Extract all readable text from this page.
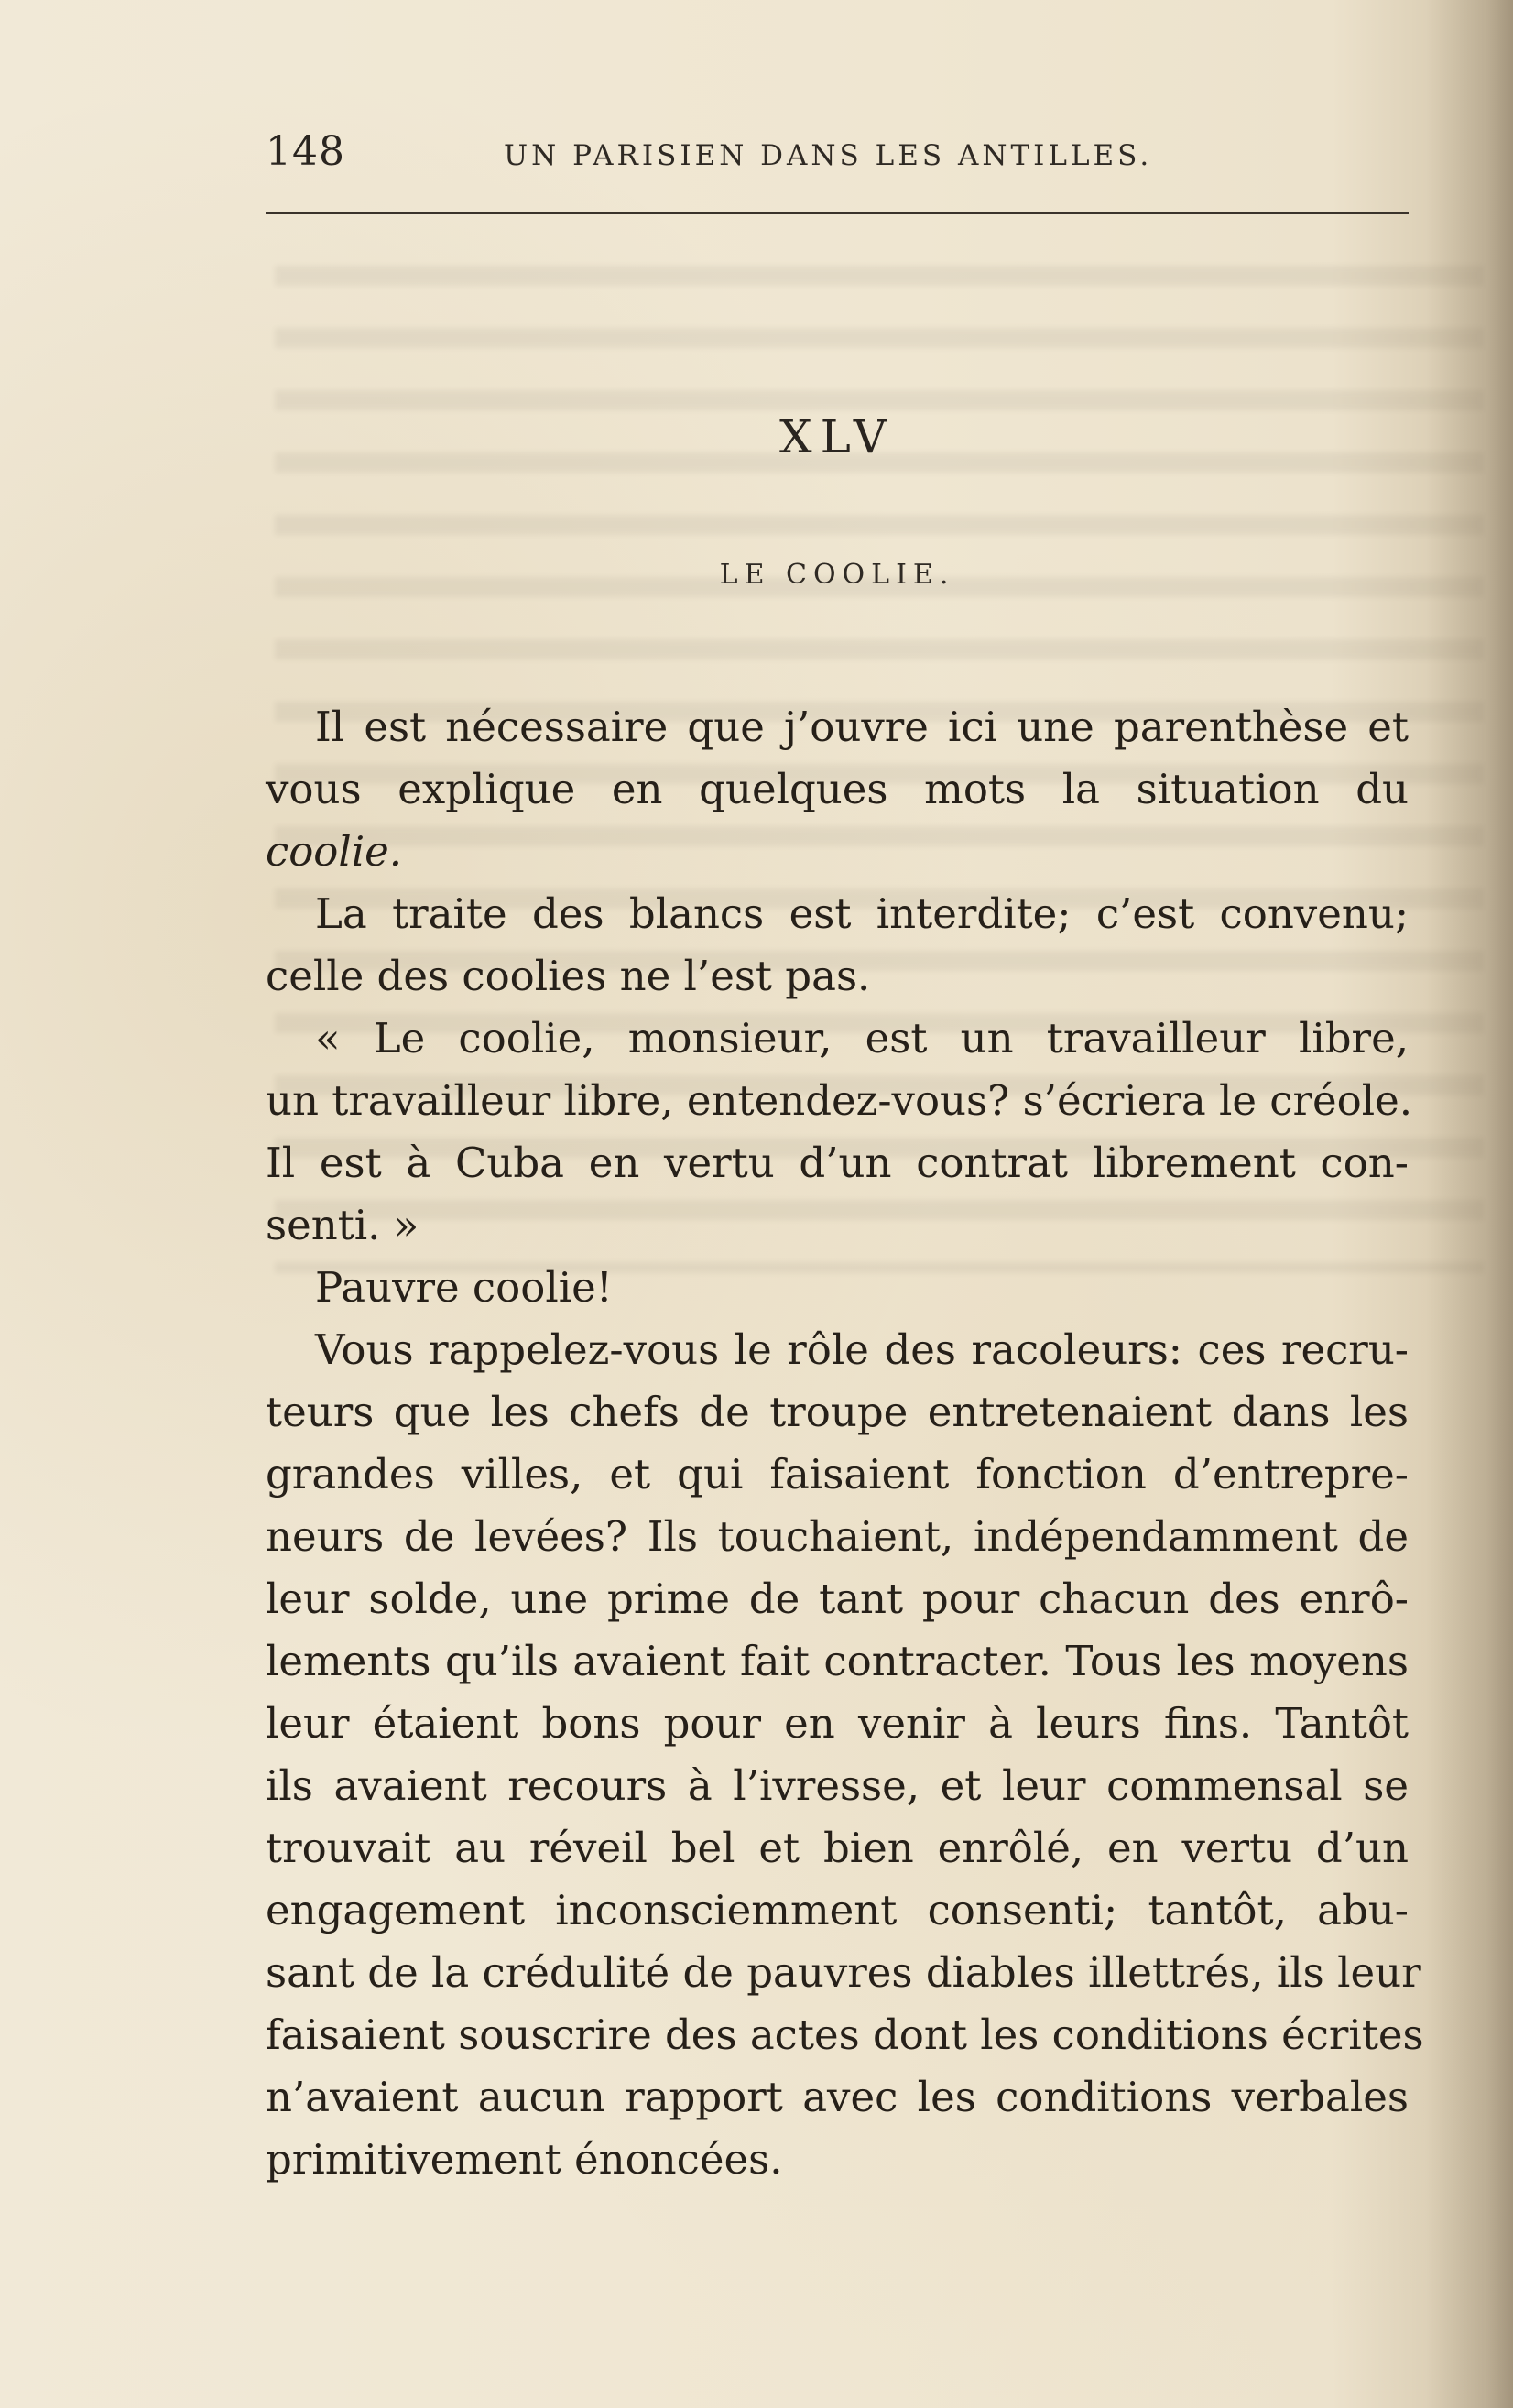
148	UN PARISIEN DANS LES ANTILLES.
XLV
LE COOLIE.
Il est nécessaire que j’ouvre ici une parenthèse et
vous explique en quelques mots la situation du
coolie.
La traite des blancs est interdite; c’est convenu;
celle des coolies ne l’est pas.
« Le coolie, monsieur, est un travailleur libre,
un travailleur libre, entendez-vous? s’écriera le créole.
Il est à Cuba en vertu d’un contrat librement con-
senti. »
Pauvre coolie!
Vous rappelez-vous le rôle des racoleurs: ces recru-
teurs que les chefs de troupe entretenaient dans les
grandes villes, et qui faisaient fonction d’entrepre-
neurs de levées? Ils touchaient, indépendamment de
leur solde, une prime de tant pour chacun des enrô-
lements qu’ils avaient fait contracter. Tous les moyens
leur étaient bons pour en venir à leurs fins. Tantôt
ils avaient recours à l’ivresse, et leur commensal se
trouvait au réveil bel et bien enrôlé, en vertu d’un
engagement inconsciemment consenti; tantôt, abu-
sant de la crédulité de pauvres diables illettrés, ils leur
faisaient souscrire des actes dont les conditions écrites
n’avaient aucun rapport avec les conditions verbales
primitivement énoncées.
